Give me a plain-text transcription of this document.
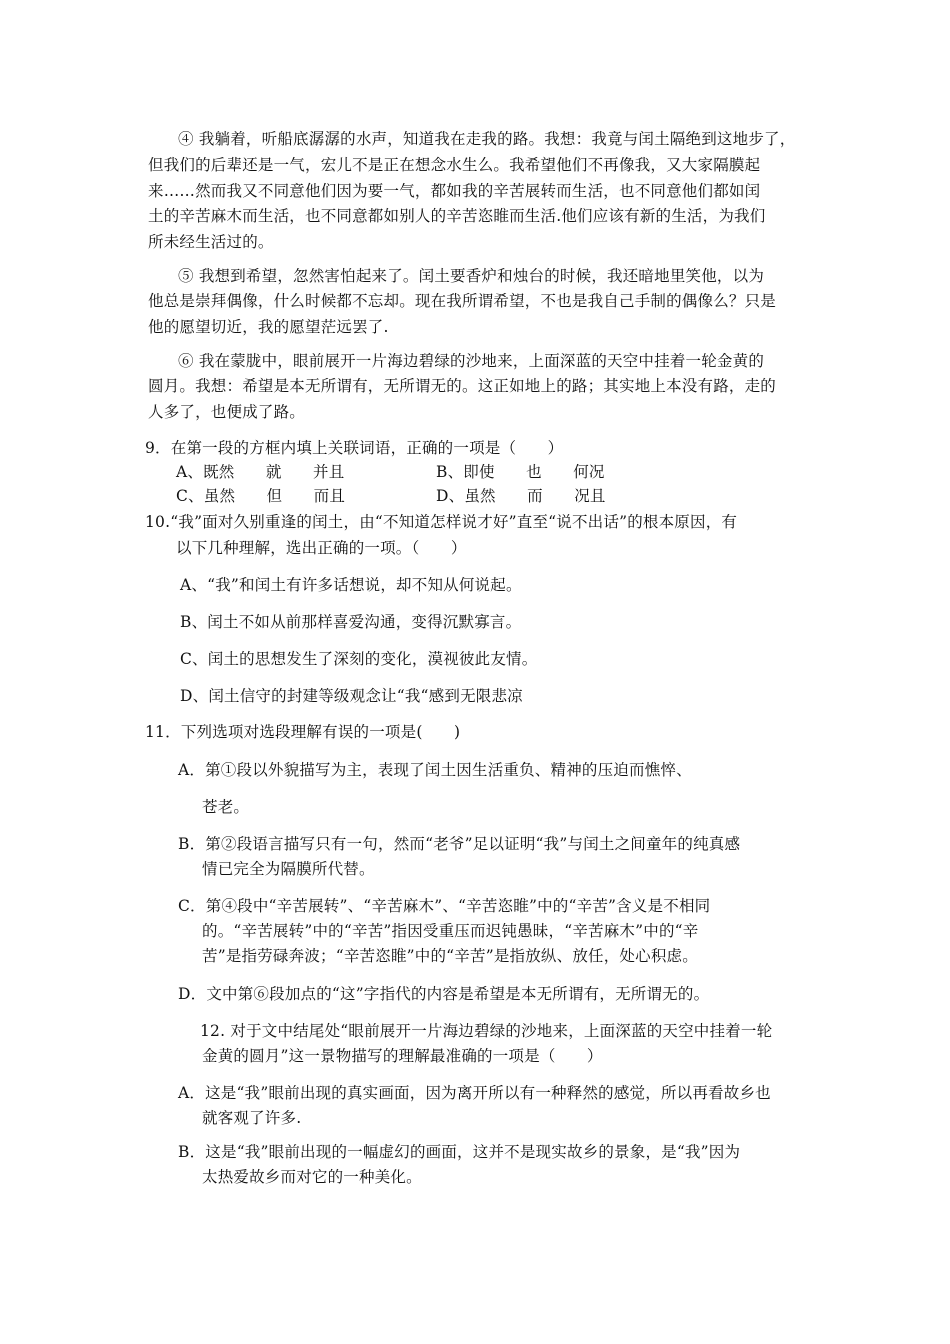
④ 我躺着，听船底潺潺的水声，知道我在走我的路。我想：我竟与闰土隔绝到这地步了，
但我们的后辈还是一气，宏儿不是正在想念水生么。我希望他们不再像我，又大家隔膜起
来……然而我又不同意他们因为要一气，都如我的辛苦展转而生活，也不同意他们都如闰
土的辛苦麻木而生活，也不同意都如别人的辛苦恣睢而生活.他们应该有新的生活，为我们
所未经生活过的。
⑤ 我想到希望，忽然害怕起来了。闰土要香炉和烛台的时候，我还暗地里笑他，以为
他总是崇拜偶像，什么时候都不忘却。现在我所谓希望，不也是我自己手制的偶像么？只是
他的愿望切近，我的愿望茫远罢了.
⑥ 我在蒙胧中，眼前展开一片海边碧绿的沙地来，上面深蓝的天空中挂着一轮金黄的
圆月。我想：希望是本无所谓有，无所谓无的。这正如地上的路；其实地上本没有路，走的
人多了，也便成了路。
9．在第一段的方框内填上关联词语，正确的一项是（　　）
A、既然　　就　　并且	B、即使　　也　　何况
C、虽然　　但　　而且	D、虽然　　而　　况且
10.“我”面对久别重逢的闰土，由“不知道怎样说才好”直至“说不出话”的根本原因，有
以下几种理解，选出正确的一项。（　　）
A、“我”和闰土有许多话想说，却不知从何说起。
B、闰土不如从前那样喜爱沟通，变得沉默寡言。
C、闰土的思想发生了深刻的变化，漠视彼此友情。
D、闰土信守的封建等级观念让“我“感到无限悲凉
11．下列选项对选段理解有误的一项是(　　)
A．第①段以外貌描写为主，表现了闰土因生活重负、精神的压迫而憔悴、
苍老。
B．第②段语言描写只有一句，然而“老爷”足以证明“我”与闰土之间童年的纯真感
情已完全为隔膜所代替。
C．第④段中“辛苦展转”、“辛苦麻木”、“辛苦恣睢”中的“辛苦”含义是不相同
的。“辛苦展转”中的“辛苦”指因受重压而迟钝愚昧，“辛苦麻木”中的“辛
苦”是指劳碌奔波；“辛苦恣睢”中的“辛苦”是指放纵、放任，处心积虑。
D．文中第⑥段加点的“这”字指代的内容是希望是本无所谓有，无所谓无的。
12. 对于文中结尾处“眼前展开一片海边碧绿的沙地来，上面深蓝的天空中挂着一轮
金黄的圆月”这一景物描写的理解最准确的一项是（　　）
A．这是“我”眼前出现的真实画面，因为离开所以有一种释然的感觉，所以再看故乡也
就客观了许多.
B．这是“我”眼前出现的一幅虚幻的画面，这并不是现实故乡的景象，是“我”因为
太热爱故乡而对它的一种美化。
